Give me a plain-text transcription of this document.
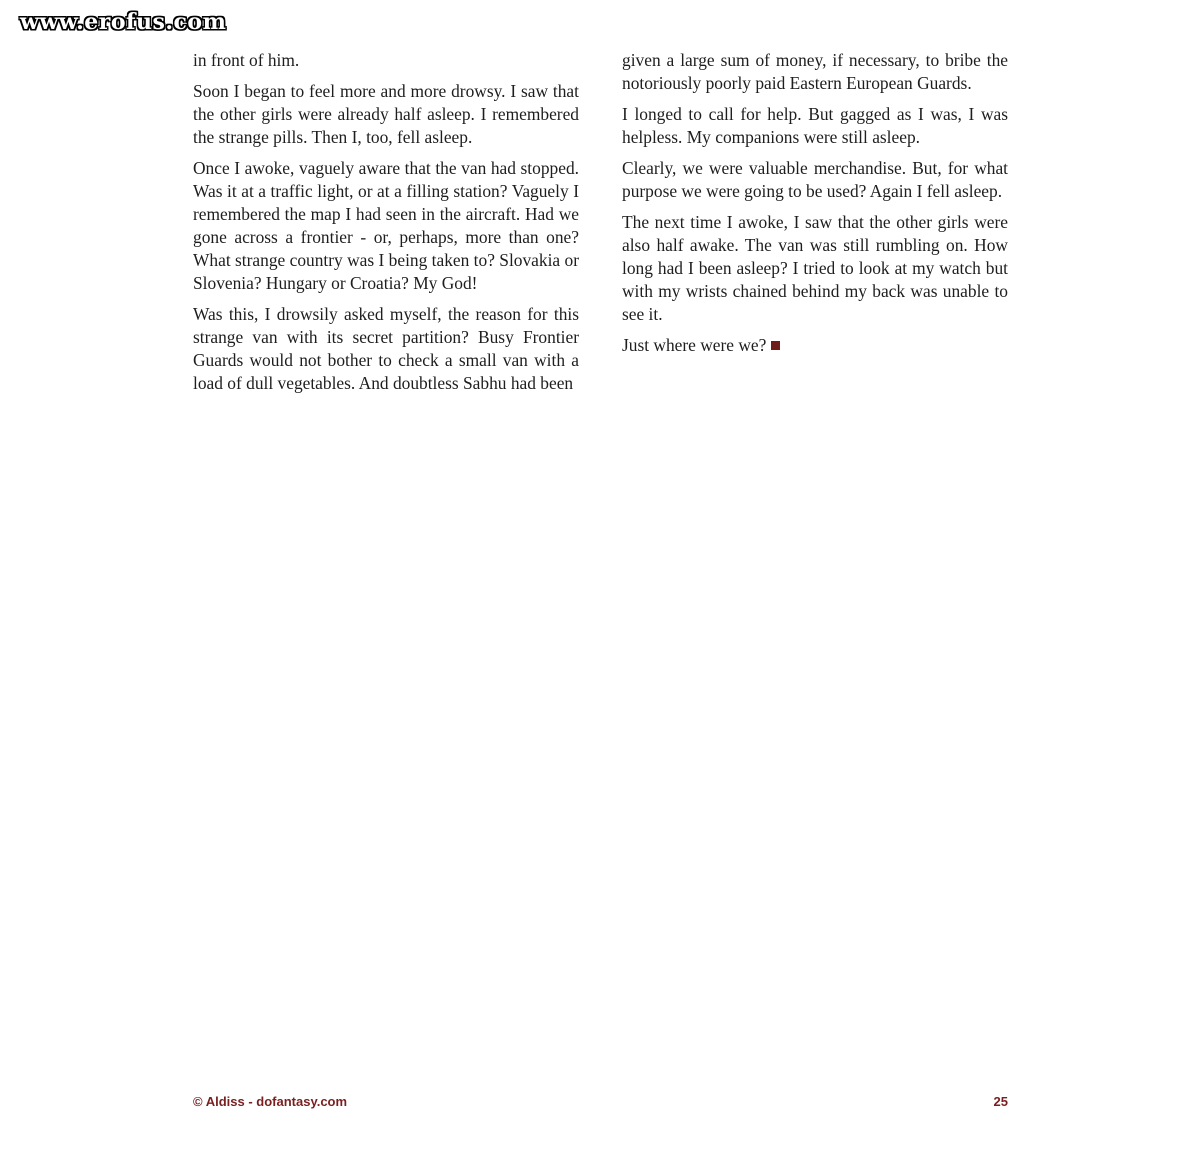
www.erofus.com

in front of him.

Soon I began to feel more and more drowsy. I saw that the other girls were already half asleep. I remembered the strange pills. Then I, too, fell asleep.

Once I awoke, vaguely aware that the van had stopped. Was it at a traffic light, or at a filling station? Vaguely I remembered the map I had seen in the aircraft. Had we gone across a frontier - or, perhaps, more than one? What strange country was I being taken to? Slovakia or Slovenia? Hungary or Croatia? My God!

Was this, I drowsily asked myself, the reason for this strange van with its secret partition? Busy Frontier Guards would not bother to check a small van with a load of dull vegetables. And doubtless Sabhu had been

given a large sum of money, if necessary, to bribe the notoriously poorly paid Eastern European Guards.

I longed to call for help. But gagged as I was, I was helpless. My companions were still asleep.

Clearly, we were valuable merchandise. But, for what purpose we were going to be used? Again I fell asleep.

The next time I awoke, I saw that the other girls were also half awake. The van was still rumbling on. How long had I been asleep? I tried to look at my watch but with my wrists chained behind my back was unable to see it.

Just where were we?

© Aldiss - dofantasy.com	25
